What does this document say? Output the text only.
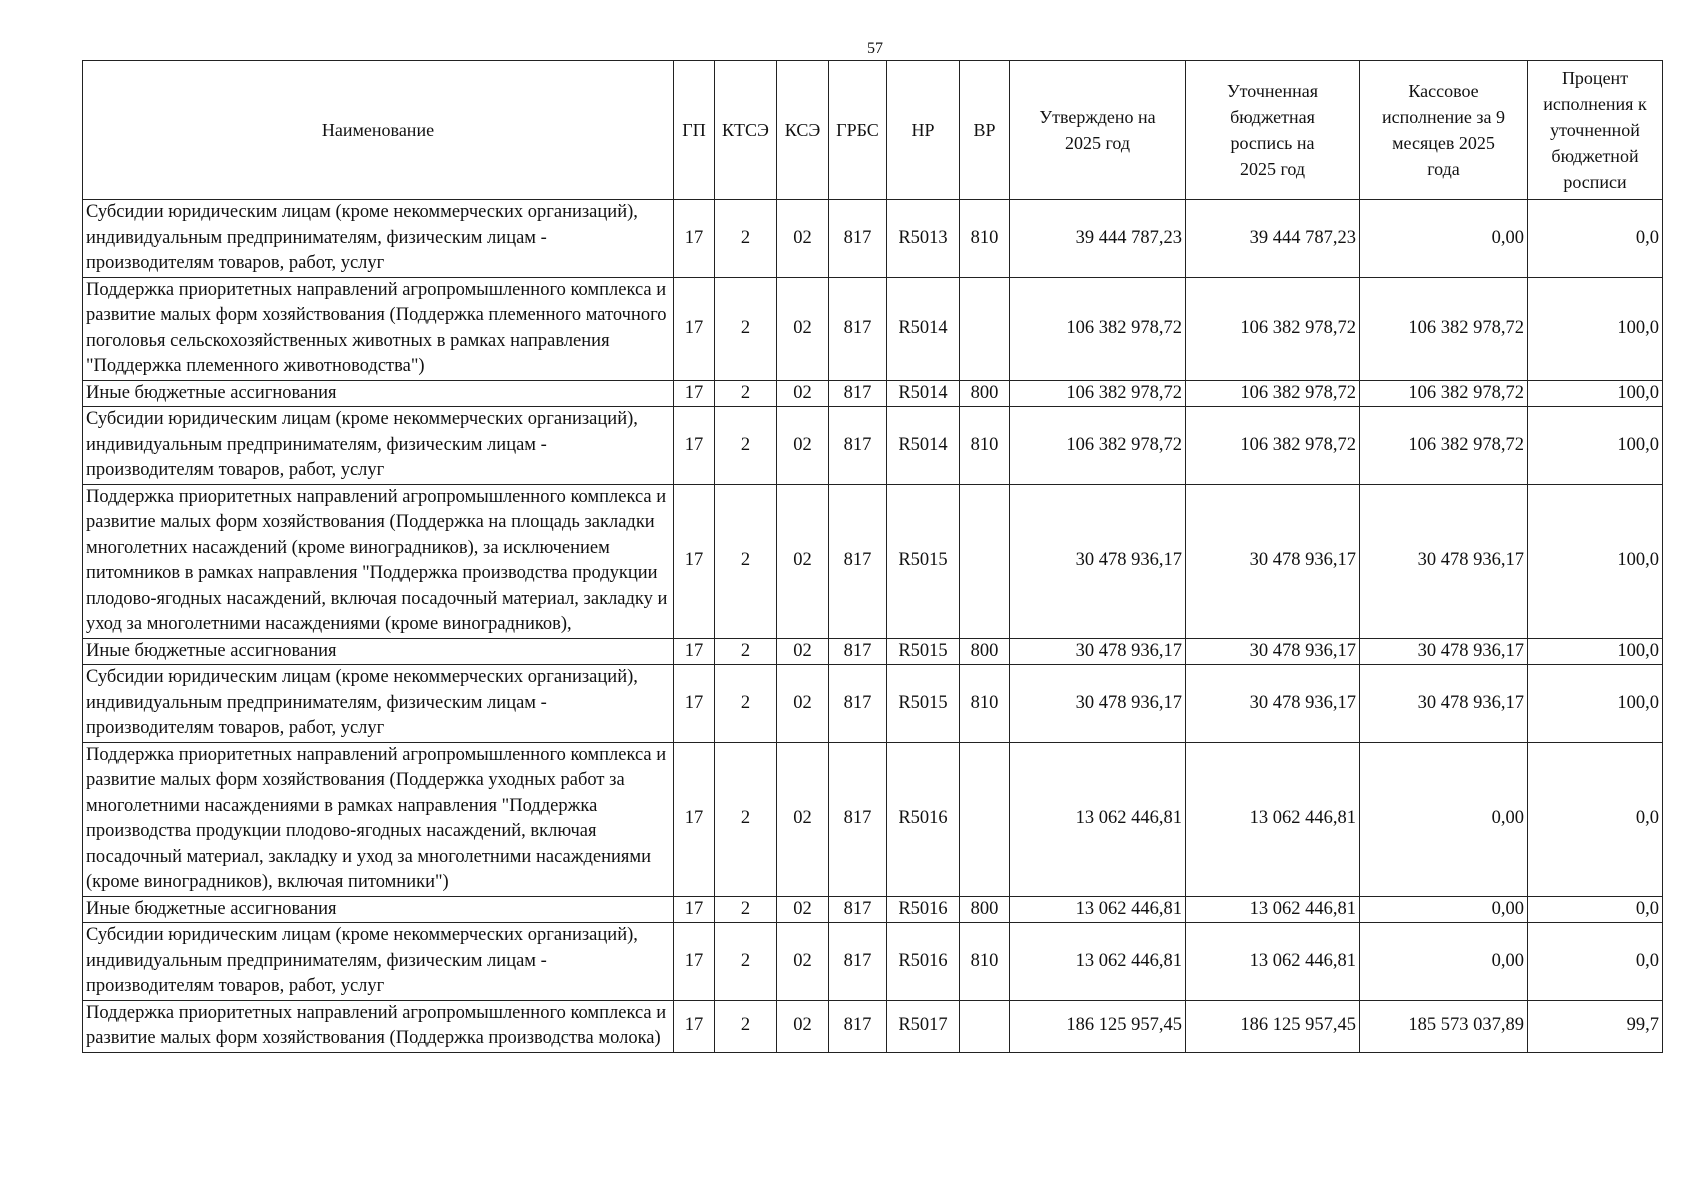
57
Наименование	ГП	КТСЭ	КСЭ	ГРБС	НР	ВР	Утверждено на 2025 год	Уточненная бюджетная роспись на 2025 год	Кассовое исполнение за 9 месяцев 2025 года	Процент исполнения к уточненной бюджетной росписи
Субсидии юридическим лицам (кроме некоммерческих организаций), индивидуальным предпринимателям, физическим лицам - производителям товаров, работ, услуг	17	2	02	817	R5013	810	39 444 787,23	39 444 787,23	0,00	0,0
Поддержка приоритетных направлений агропромышленного комплекса и развитие малых форм хозяйствования (Поддержка племенного маточного поголовья сельскохозяйственных животных в рамках направления "Поддержка племенного животноводства")	17	2	02	817	R5014		106 382 978,72	106 382 978,72	106 382 978,72	100,0
Иные бюджетные ассигнования	17	2	02	817	R5014	800	106 382 978,72	106 382 978,72	106 382 978,72	100,0
Субсидии юридическим лицам (кроме некоммерческих организаций), индивидуальным предпринимателям, физическим лицам - производителям товаров, работ, услуг	17	2	02	817	R5014	810	106 382 978,72	106 382 978,72	106 382 978,72	100,0
Поддержка приоритетных направлений агропромышленного комплекса и развитие малых форм хозяйствования (Поддержка на площадь закладки многолетних насаждений (кроме виноградников), за исключением питомников в рамках направления "Поддержка производства продукции плодово-ягодных насаждений, включая посадочный материал, закладку и уход за многолетними насаждениями (кроме виноградников),	17	2	02	817	R5015		30 478 936,17	30 478 936,17	30 478 936,17	100,0
Иные бюджетные ассигнования	17	2	02	817	R5015	800	30 478 936,17	30 478 936,17	30 478 936,17	100,0
Субсидии юридическим лицам (кроме некоммерческих организаций), индивидуальным предпринимателям, физическим лицам - производителям товаров, работ, услуг	17	2	02	817	R5015	810	30 478 936,17	30 478 936,17	30 478 936,17	100,0
Поддержка приоритетных направлений агропромышленного комплекса и развитие малых форм хозяйствования (Поддержка уходных работ за многолетними насаждениями в рамках направления "Поддержка производства продукции плодово-ягодных насаждений, включая посадочный материал, закладку и уход за многолетними насаждениями (кроме виноградников), включая питомники")	17	2	02	817	R5016		13 062 446,81	13 062 446,81	0,00	0,0
Иные бюджетные ассигнования	17	2	02	817	R5016	800	13 062 446,81	13 062 446,81	0,00	0,0
Субсидии юридическим лицам (кроме некоммерческих организаций), индивидуальным предпринимателям, физическим лицам - производителям товаров, работ, услуг	17	2	02	817	R5016	810	13 062 446,81	13 062 446,81	0,00	0,0
Поддержка приоритетных направлений агропромышленного комплекса и развитие малых форм хозяйствования (Поддержка производства молока)	17	2	02	817	R5017		186 125 957,45	186 125 957,45	185 573 037,89	99,7
